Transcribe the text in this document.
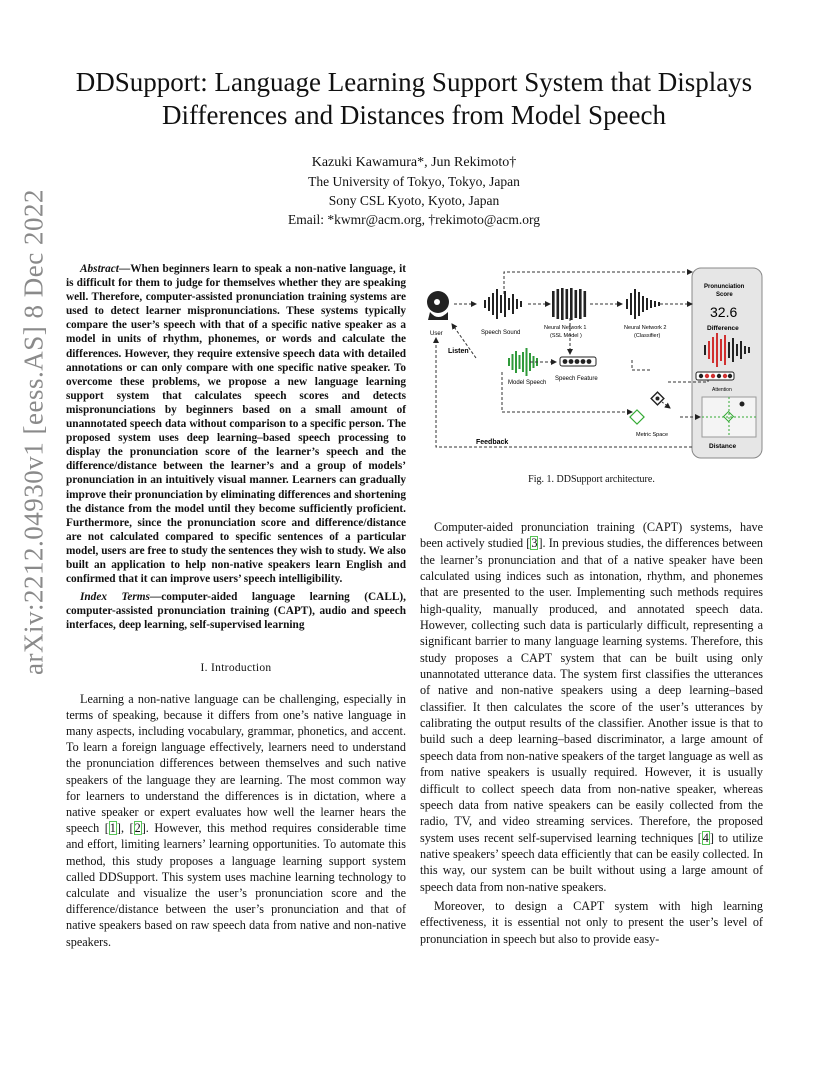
arXiv:2212.04930v1 [eess.AS] 8 Dec 2022
DDSupport: Language Learning Support System that Displays
Differences and Distances from Model Speech
Kazuki Kawamura*, Jun Rekimoto†
The University of Tokyo, Tokyo, Japan
Sony CSL Kyoto, Kyoto, Japan
Email: *kwmr@acm.org, †rekimoto@acm.org

Abstract—When beginners learn to speak a non-native language, it is difficult for them to judge for themselves whether they are speaking well. Therefore, computer-assisted pronunciation training systems are used to detect learner mispronunciations. These systems typically compare the user’s speech with that of a specific native speaker as a model in units of rhythm, phonemes, or words and calculate the differences. However, they require extensive speech data with detailed annotations or can only compare with one specific native speaker. To overcome these problems, we propose a new language learning support system that calculates speech scores and detects mispronunciations by beginners based on a small amount of unannotated speech data without comparison to a specific person. The proposed system uses deep learning–based speech processing to display the pronunciation score of the learner’s speech and the difference/distance between the learner’s and a group of models’ pronunciation in an intuitively visual manner. Learners can gradually improve their pronunciation by eliminating differences and shortening the distance from the model until they become sufficiently proficient. Furthermore, since the pronunciation score and difference/distance are not calculated compared to specific sentences of a particular model, users are free to study the sentences they wish to study. We also built an application to help non-native speakers learn English and confirmed that it can improve users’ speech intelligibility.

Index Terms—computer-aided language learning (CALL), computer-assisted pronunciation training (CAPT), audio and speech interfaces, deep learning, self-supervised learning

I. Introduction

Learning a non-native language can be challenging, especially in terms of speaking, because it differs from one’s native language in many aspects, including vocabulary, grammar, phonetics, and accent. To learn a foreign language effectively, learners need to understand the pronunciation differences between themselves and such native speakers of the language they are learning. The most common way for learners to understand the differences is in dictation, where a native speaker or expert evaluates how well the learner hears the speech [1], [2]. However, this method requires considerable time and effort, limiting learners’ learning opportunities. To automate this method, this study proposes a language learning support system called DDSupport. This system uses machine learning technology to calculate and visualize the user’s pronunciation score and the difference/distance between the user’s pronunciation and that of native speakers based on raw speech data from native and non-native speakers.

User	Speech Sound
Neural Network 1
(SSL Model )
Neural Network 2
(Classifier)
Listen
Model Speech
Speech Feature
Metric Space
Pronunciation
Score
32.6
Difference
Attention
Distance
Feedback
Fig. 1. DDSupport architecture.

Computer-aided pronunciation training (CAPT) systems, have been actively studied [3]. In previous studies, the differences between the learner’s pronunciation and that of a native speaker have been calculated using indices such as intonation, rhythm, and phonemes that are presented to the user. Implementing such methods requires high-quality, manually produced, and annotated speech data. However, collecting such data is particularly difficult, representing a significant barrier to many language learning systems. Therefore, this study proposes a CAPT system that can be built using only unannotated utterance data. The system first classifies the utterances of native and non-native speakers using a deep learning–based classifier. It then calculates the score of the user’s utterances by calibrating the output results of the classifier. Another issue is that to build such a deep learning–based discriminator, a large amount of speech data from non-native speakers of the target language as well as from native speakers is usually required. However, it is usually difficult to collect speech data from non-native speaker, whereas speech data from native speakers can be easily collected from the radio, TV, and video streaming services. Therefore, the proposed system uses recent self-supervised learning techniques [4] to utilize native speakers’ speech data efficiently that can be easily collected. In this way, our system can be built without using a large amount of speech data from non-native speakers.

Moreover, to design a CAPT system with high learning effectiveness, it is essential not only to present the user’s level of pronunciation in speech but also to provide easy-
